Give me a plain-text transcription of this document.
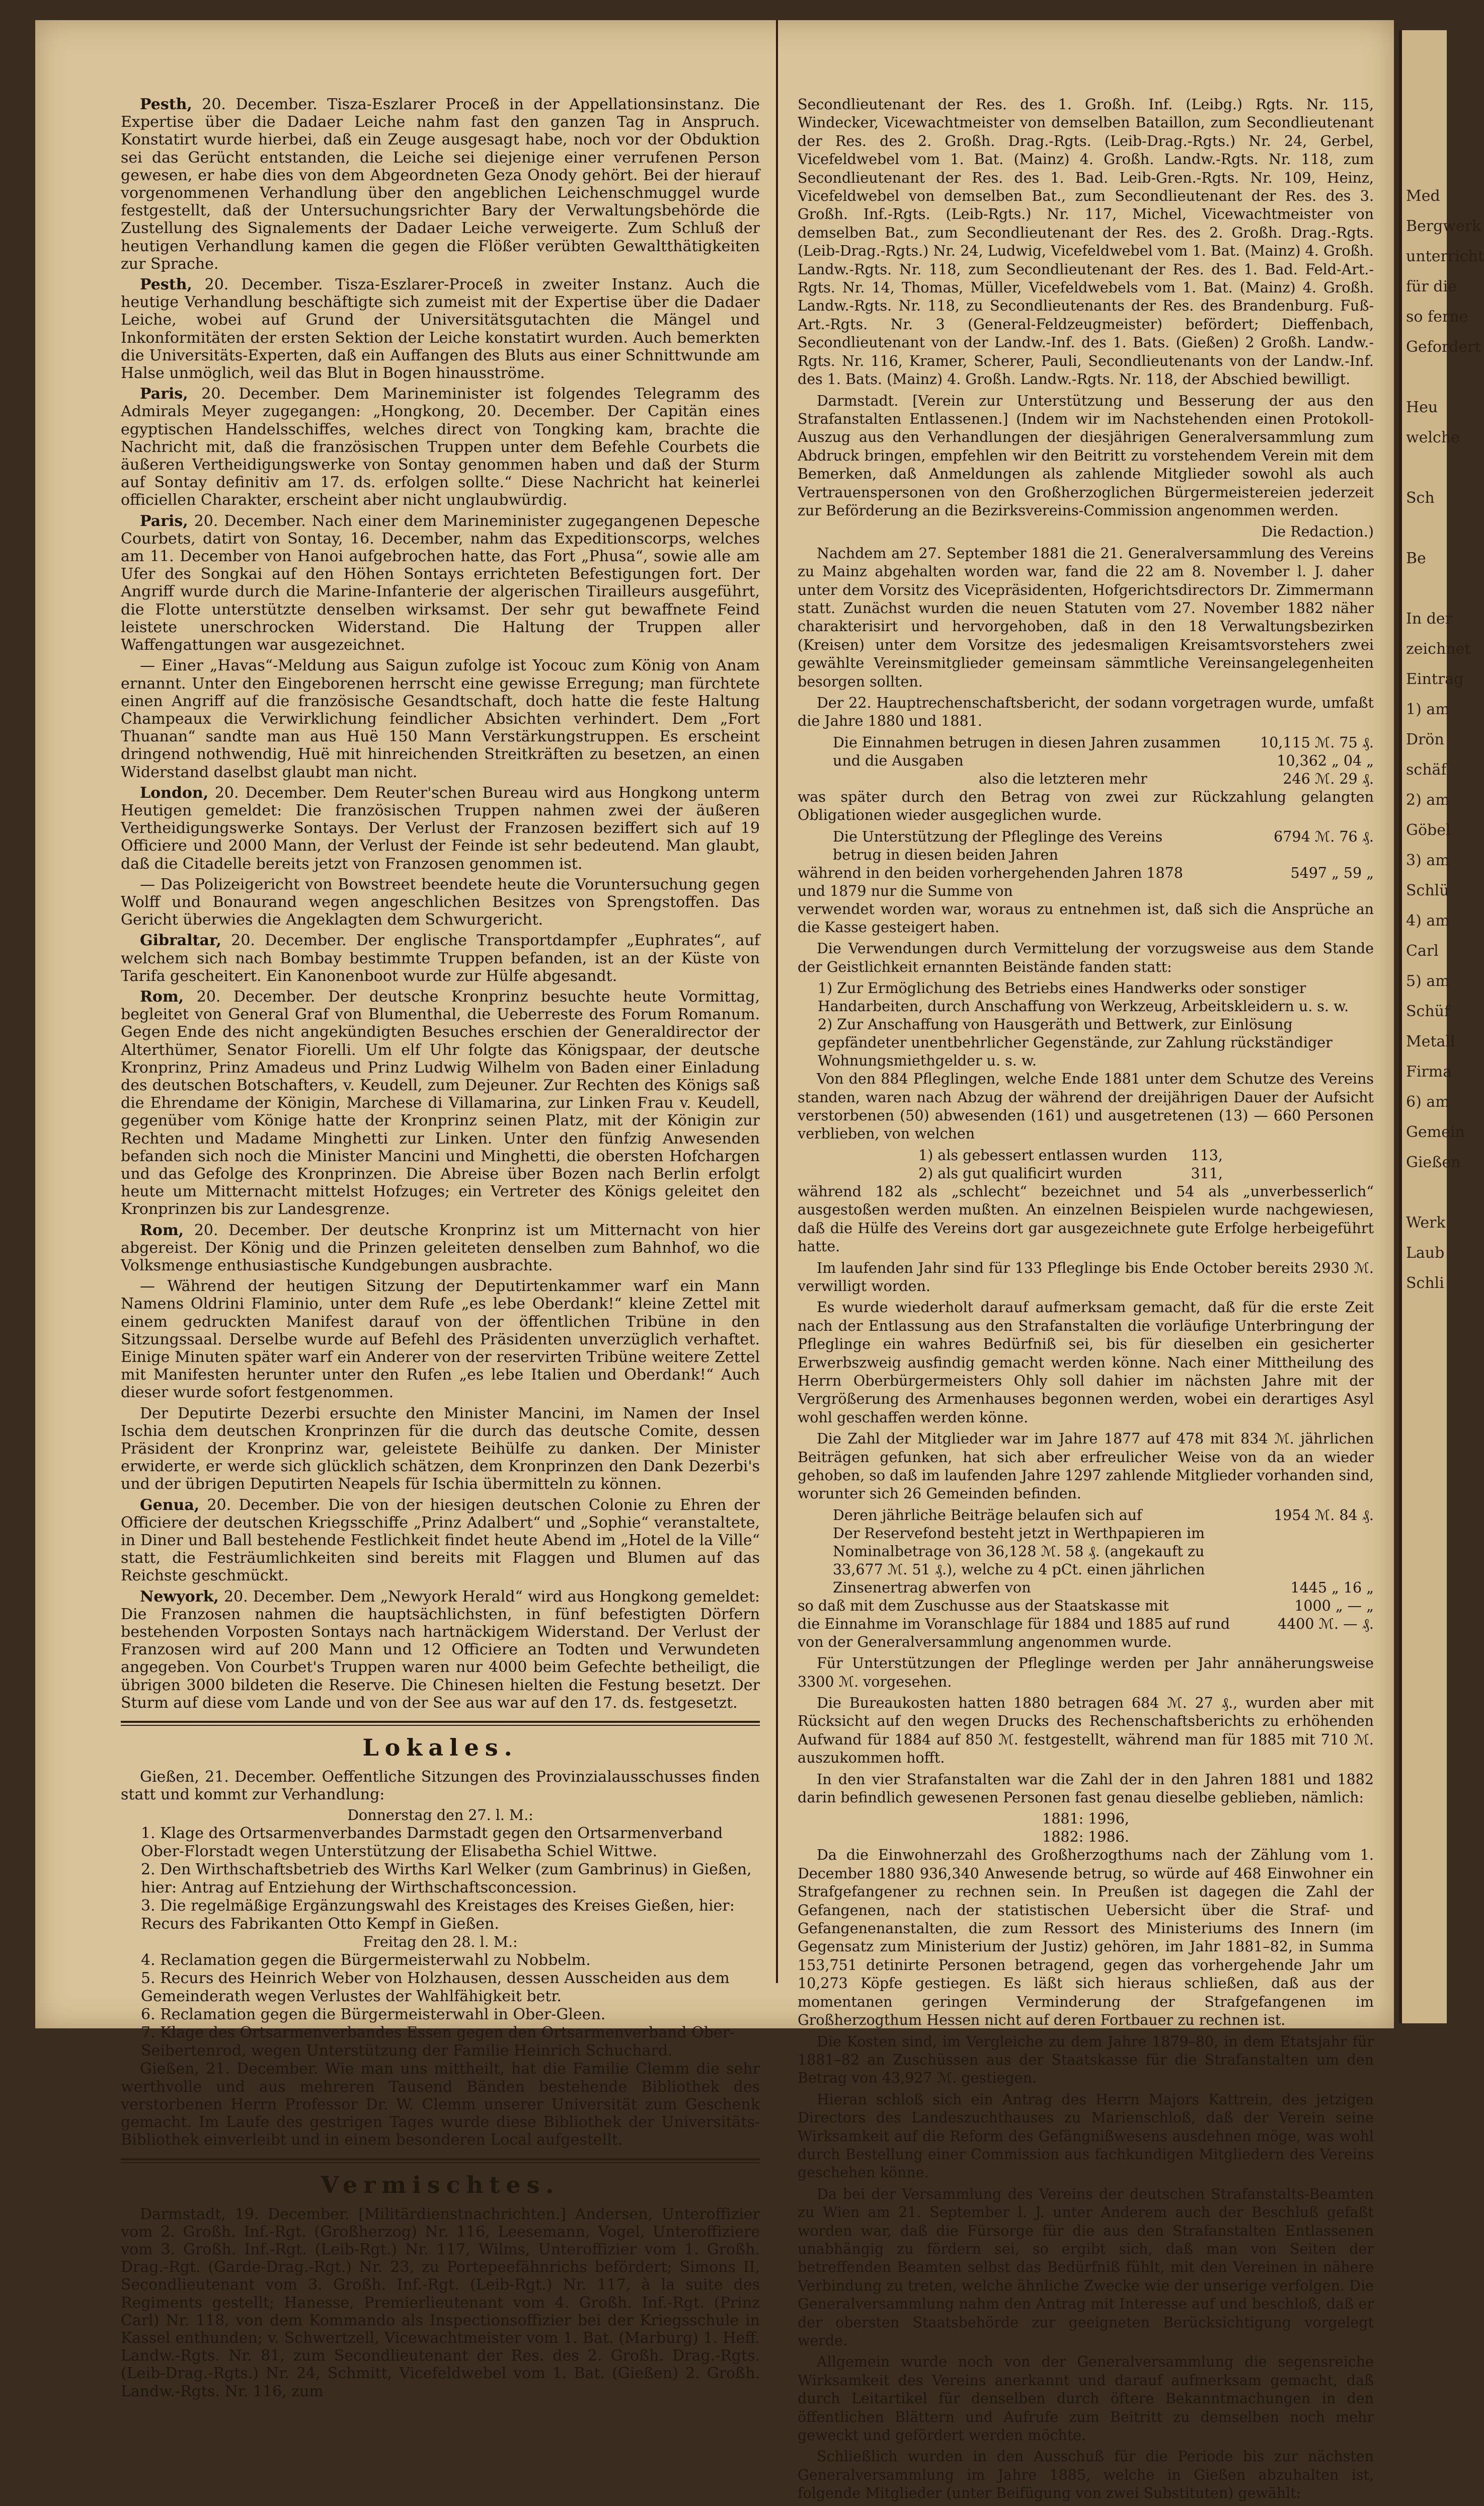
Pesth, 20. December. Tisza-Eszlarer Proceß in der Appellationsinstanz. Die Expertise über die Dadaer Leiche nahm fast den ganzen Tag in Anspruch. Konstatirt wurde hierbei, daß ein Zeuge ausgesagt habe, noch vor der Obduktion sei das Gerücht entstanden, die Leiche sei diejenige einer verrufenen Person gewesen, er habe dies von dem Abgeordneten Geza Onody gehört. Bei der hierauf vorgenommenen Verhandlung über den angeblichen Leichenschmuggel wurde festgestellt, daß der Untersuchungsrichter Bary der Verwaltungsbehörde die Zustellung des Signalements der Dadaer Leiche verweigerte. Zum Schluß der heutigen Verhandlung kamen die gegen die Flößer verübten Gewaltthätigkeiten zur Sprache.

Pesth, 20. December. Tisza-Eszlarer-Proceß in zweiter Instanz. Auch die heutige Verhandlung beschäftigte sich zumeist mit der Expertise über die Dadaer Leiche, wobei auf Grund der Universitätsgutachten die Mängel und Inkonformitäten der ersten Sektion der Leiche konstatirt wurden. Auch bemerkten die Universitäts-Experten, daß ein Auffangen des Bluts aus einer Schnittwunde am Halse unmöglich, weil das Blut in Bogen hinausströme.

Paris, 20. December. Dem Marineminister ist folgendes Telegramm des Admirals Meyer zugegangen: „Hongkong, 20. December. Der Capitän eines egyptischen Handelsschiffes, welches direct von Tongking kam, brachte die Nachricht mit, daß die französischen Truppen unter dem Befehle Courbets die äußeren Vertheidigungswerke von Sontay genommen haben und daß der Sturm auf Sontay definitiv am 17. ds. erfolgen sollte.“ Diese Nachricht hat keinerlei officiellen Charakter, erscheint aber nicht unglaubwürdig.

Paris, 20. December. Nach einer dem Marineminister zugegangenen Depesche Courbets, datirt von Sontay, 16. December, nahm das Expeditionscorps, welches am 11. December von Hanoi aufgebrochen hatte, das Fort „Phusa“, sowie alle am Ufer des Songkai auf den Höhen Sontays errichteten Befestigungen fort. Der Angriff wurde durch die Marine-Infanterie der algerischen Tirailleurs ausgeführt, die Flotte unterstützte denselben wirksamst. Der sehr gut bewaffnete Feind leistete unerschrocken Widerstand. Die Haltung der Truppen aller Waffengattungen war ausgezeichnet.

— Einer „Havas“-Meldung aus Saigun zufolge ist Yocouc zum König von Anam ernannt. Unter den Eingeborenen herrscht eine gewisse Erregung; man fürchtete einen Angriff auf die französische Gesandtschaft, doch hatte die feste Haltung Champeaux die Verwirklichung feindlicher Absichten verhindert. Dem „Fort Thuanan“ sandte man aus Huë 150 Mann Verstärkungstruppen. Es erscheint dringend nothwendig, Huë mit hinreichenden Streitkräften zu besetzen, an einen Widerstand daselbst glaubt man nicht.

London, 20. December. Dem Reuter'schen Bureau wird aus Hongkong unterm Heutigen gemeldet: Die französischen Truppen nahmen zwei der äußeren Vertheidigungswerke Sontays. Der Verlust der Franzosen beziffert sich auf 19 Officiere und 2000 Mann, der Verlust der Feinde ist sehr bedeutend. Man glaubt, daß die Citadelle bereits jetzt von Franzosen genommen ist.

— Das Polizeigericht von Bowstreet beendete heute die Voruntersuchung gegen Wolff und Bonaurand wegen angeschlichen Besitzes von Sprengstoffen. Das Gericht überwies die Angeklagten dem Schwurgericht.

Gibraltar, 20. December. Der englische Transportdampfer „Euphrates“, auf welchem sich nach Bombay bestimmte Truppen befanden, ist an der Küste von Tarifa gescheitert. Ein Kanonenboot wurde zur Hülfe abgesandt.

Rom, 20. December. Der deutsche Kronprinz besuchte heute Vormittag, begleitet von General Graf von Blumenthal, die Ueberreste des Forum Romanum. Gegen Ende des nicht angekündigten Besuches erschien der Generaldirector der Alterthümer, Senator Fiorelli. Um elf Uhr folgte das Königspaar, der deutsche Kronprinz, Prinz Amadeus und Prinz Ludwig Wilhelm von Baden einer Einladung des deutschen Botschafters, v. Keudell, zum Dejeuner. Zur Rechten des Königs saß die Ehrendame der Königin, Marchese di Villamarina, zur Linken Frau v. Keudell, gegenüber vom Könige hatte der Kronprinz seinen Platz, mit der Königin zur Rechten und Madame Minghetti zur Linken. Unter den fünfzig Anwesenden befanden sich noch die Minister Mancini und Minghetti, die obersten Hofchargen und das Gefolge des Kronprinzen. Die Abreise über Bozen nach Berlin erfolgt heute um Mitternacht mittelst Hofzuges; ein Vertreter des Königs geleitet den Kronprinzen bis zur Landesgrenze.

Rom, 20. December. Der deutsche Kronprinz ist um Mitternacht von hier abgereist. Der König und die Prinzen geleiteten denselben zum Bahnhof, wo die Volksmenge enthusiastische Kundgebungen ausbrachte.

— Während der heutigen Sitzung der Deputirtenkammer warf ein Mann Namens Oldrini Flaminio, unter dem Rufe „es lebe Oberdank!“ kleine Zettel mit einem gedruckten Manifest darauf von der öffentlichen Tribüne in den Sitzungssaal. Derselbe wurde auf Befehl des Präsidenten unverzüglich verhaftet. Einige Minuten später warf ein Anderer von der reservirten Tribüne weitere Zettel mit Manifesten herunter unter den Rufen „es lebe Italien und Oberdank!“ Auch dieser wurde sofort festgenommen.

Der Deputirte Dezerbi ersuchte den Minister Mancini, im Namen der Insel Ischia dem deutschen Kronprinzen für die durch das deutsche Comite, dessen Präsident der Kronprinz war, geleistete Beihülfe zu danken. Der Minister erwiderte, er werde sich glücklich schätzen, dem Kronprinzen den Dank Dezerbi's und der übrigen Deputirten Neapels für Ischia übermitteln zu können.

Genua, 20. December. Die von der hiesigen deutschen Colonie zu Ehren der Officiere der deutschen Kriegsschiffe „Prinz Adalbert“ und „Sophie“ veranstaltete, in Diner und Ball bestehende Festlichkeit findet heute Abend im „Hotel de la Ville“ statt, die Festräumlichkeiten sind bereits mit Flaggen und Blumen auf das Reichste geschmückt.

Newyork, 20. December. Dem „Newyork Herald“ wird aus Hongkong gemeldet: Die Franzosen nahmen die hauptsächlichsten, in fünf befestigten Dörfern bestehenden Vorposten Sontays nach hartnäckigem Widerstand. Der Verlust der Franzosen wird auf 200 Mann und 12 Officiere an Todten und Verwundeten angegeben. Von Courbet's Truppen waren nur 4000 beim Gefechte betheiligt, die übrigen 3000 bildeten die Reserve. Die Chinesen hielten die Festung besetzt. Der Sturm auf diese vom Lande und von der See aus war auf den 17. ds. festgesetzt.

Lokales.

Gießen, 21. December. Oeffentliche Sitzungen des Provinzialausschusses finden statt und kommt zur Verhandlung:

Donnerstag den 27. l. M.:
1. Klage des Ortsarmenverbandes Darmstadt gegen den Ortsarmenverband Ober-Florstadt wegen Unterstützung der Elisabetha Schiel Wittwe.
2. Den Wirthschaftsbetrieb des Wirths Karl Welker (zum Gambrinus) in Gießen, hier: Antrag auf Entziehung der Wirthschaftsconcession.
3. Die regelmäßige Ergänzungswahl des Kreistages des Kreises Gießen, hier: Recurs des Fabrikanten Otto Kempf in Gießen.
Freitag den 28. l. M.:
4. Reclamation gegen die Bürgermeisterwahl zu Nobbelm.
5. Recurs des Heinrich Weber von Holzhausen, dessen Ausscheiden aus dem Gemeinderath wegen Verlustes der Wahlfähigkeit betr.
6. Reclamation gegen die Bürgermeisterwahl in Ober-Gleen.
7. Klage des Ortsarmenverbandes Essen gegen den Ortsarmenverband Ober-Seibertenrod, wegen Unterstützung der Familie Heinrich Schuchard.

Gießen, 21. December. Wie man uns mittheilt, hat die Familie Clemm die sehr werthvolle und aus mehreren Tausend Bänden bestehende Bibliothek des verstorbenen Herrn Professor Dr. W. Clemm unserer Universität zum Geschenk gemacht. Im Laufe des gestrigen Tages wurde diese Bibliothek der Universitäts-Bibliothek einverleibt und in einem besonderen Local aufgestellt.

Vermischtes.

Darmstadt, 19. December. [Militärdienstnachrichten.] Andersen, Unteroffizier vom 2. Großh. Inf.-Rgt. (Großherzog) Nr. 116, Leesemann, Vogel, Unteroffiziere vom 3. Großh. Inf.-Rgt. (Leib-Rgt.) Nr. 117, Wilms, Unteroffizier vom 1. Großh. Drag.-Rgt. (Garde-Drag.-Rgt.) Nr. 23, zu Portepeefähnrichs befördert; Simons II, Secondlieutenant vom 3. Großh. Inf.-Rgt. (Leib-Rgt.) Nr. 117, à la suite des Regiments gestellt; Hanesse, Premierlieutenant vom 4. Großh. Inf.-Rgt. (Prinz Carl) Nr. 118, von dem Kommando als Inspectionsoffizier bei der Kriegsschule in Kassel enthunden; v. Schwertzell, Vicewachtmeister vom 1. Bat. (Marburg) 1. Heff. Landw.-Rgts. Nr. 81, zum Secondlieutenant der Res. des 2. Großh. Drag.-Rgts. (Leib-Drag.-Rgts.) Nr. 24, Schmitt, Vicefeldwebel vom 1. Bat. (Gießen) 2. Großh. Landw.-Rgts. Nr. 116, zum

Secondlieutenant der Res. des 1. Großh. Inf. (Leibg.) Rgts. Nr. 115, Windecker, Vicewachtmeister von demselben Bataillon, zum Secondlieutenant der Res. des 2. Großh. Drag.-Rgts. (Leib-Drag.-Rgts.) Nr. 24, Gerbel, Vicefeldwebel vom 1. Bat. (Mainz) 4. Großh. Landw.-Rgts. Nr. 118, zum Secondlieutenant der Res. des 1. Bad. Leib-Gren.-Rgts. Nr. 109, Heinz, Vicefeldwebel von demselben Bat., zum Secondlieutenant der Res. des 3. Großh. Inf.-Rgts. (Leib-Rgts.) Nr. 117, Michel, Vicewachtmeister von demselben Bat., zum Secondlieutenant der Res. des 2. Großh. Drag.-Rgts. (Leib-Drag.-Rgts.) Nr. 24, Ludwig, Vicefeldwebel vom 1. Bat. (Mainz) 4. Großh. Landw.-Rgts. Nr. 118, zum Secondlieutenant der Res. des 1. Bad. Feld-Art.-Rgts. Nr. 14, Thomas, Müller, Vicefeldwebels vom 1. Bat. (Mainz) 4. Großh. Landw.-Rgts. Nr. 118, zu Secondlieutenants der Res. des Brandenburg. Fuß-Art.-Rgts. Nr. 3 (General-Feldzeugmeister) befördert; Dieffenbach, Secondlieutenant von der Landw.-Inf. des 1. Bats. (Gießen) 2 Großh. Landw.-Rgts. Nr. 116, Kramer, Scherer, Pauli, Secondlieutenants von der Landw.-Inf. des 1. Bats. (Mainz) 4. Großh. Landw.-Rgts. Nr. 118, der Abschied bewilligt.

Darmstadt. [Verein zur Unterstützung und Besserung der aus den Strafanstalten Entlassenen.] (Indem wir im Nachstehenden einen Protokoll-Auszug aus den Verhandlungen der diesjährigen Generalversammlung zum Abdruck bringen, empfehlen wir den Beitritt zu vorstehendem Verein mit dem Bemerken, daß Anmeldungen als zahlende Mitglieder sowohl als auch Vertrauenspersonen von den Großherzoglichen Bürgermeistereien jederzeit zur Beförderung an die Bezirksvereins-Commission angenommen werden.

Die Redaction.)

Nachdem am 27. September 1881 die 21. Generalversammlung des Vereins zu Mainz abgehalten worden war, fand die 22 am 8. November l. J. daher unter dem Vorsitz des Vicepräsidenten, Hofgerichtsdirectors Dr. Zimmermann statt. Zunächst wurden die neuen Statuten vom 27. November 1882 näher charakterisirt und hervorgehoben, daß in den 18 Verwaltungsbezirken (Kreisen) unter dem Vorsitze des jedesmaligen Kreisamtsvorstehers zwei gewählte Vereinsmitglieder gemeinsam sämmtliche Vereinsangelegenheiten besorgen sollten.

Der 22. Hauptrechenschaftsbericht, der sodann vorgetragen wurde, umfaßt die Jahre 1880 und 1881.

Die Einnahmen betrugen in diesen Jahren zusammen	10,115 ℳ. 75 ₰.
und die Ausgaben	10,362 „ 04 „
also die letzteren mehr	246 ℳ. 29 ₰.

was später durch den Betrag von zwei zur Rückzahlung gelangten Obligationen wieder ausgeglichen wurde.

Die Unterstützung der Pfleglinge des Vereins betrug in diesen beiden Jahren
6794 ℳ. 76 ₰.
während in den beiden vorhergehenden Jahren 1878 und 1879 nur die Summe von
5497 „ 59 „

verwendet worden war, woraus zu entnehmen ist, daß sich die Ansprüche an die Kasse gesteigert haben.

Die Verwendungen durch Vermittelung der vorzugsweise aus dem Stande der Geistlichkeit ernannten Beistände fanden statt:

1) Zur Ermöglichung des Betriebs eines Handwerks oder sonstiger Handarbeiten, durch Anschaffung von Werkzeug, Arbeitskleidern u. s. w.
2) Zur Anschaffung von Hausgeräth und Bettwerk, zur Einlösung gepfändeter unentbehrlicher Gegenstände, zur Zahlung rückständiger Wohnungsmiethgelder u. s. w.

Von den 884 Pfleglingen, welche Ende 1881 unter dem Schutze des Vereins standen, waren nach Abzug der während der dreijährigen Dauer der Aufsicht verstorbenen (50) abwesenden (161) und ausgetretenen (13) — 660 Personen verblieben, von welchen

1) als gebessert entlassen wurden 113,
2) als gut qualificirt wurden	311,

während 182 als „schlecht“ bezeichnet und 54 als „unverbesserlich“ ausgestoßen werden mußten. An einzelnen Beispielen wurde nachgewiesen, daß die Hülfe des Vereins dort gar ausgezeichnete gute Erfolge herbeigeführt hatte.

Im laufenden Jahr sind für 133 Pfleglinge bis Ende October bereits 2930 ℳ. verwilligt worden.

Es wurde wiederholt darauf aufmerksam gemacht, daß für die erste Zeit nach der Entlassung aus den Strafanstalten die vorläufige Unterbringung der Pfleglinge ein wahres Bedürfniß sei, bis für dieselben ein gesicherter Erwerbszweig ausfindig gemacht werden könne. Nach einer Mittheilung des Herrn Oberbürgermeisters Ohly soll dahier im nächsten Jahre mit der Vergrößerung des Armenhauses begonnen werden, wobei ein derartiges Asyl wohl geschaffen werden könne.

Die Zahl der Mitglieder war im Jahre 1877 auf 478 mit 834 ℳ. jährlichen Beiträgen gefunken, hat sich aber erfreulicher Weise von da an wieder gehoben, so daß im laufenden Jahre 1297 zahlende Mitglieder vorhanden sind, worunter sich 26 Gemeinden befinden.

Deren jährliche Beiträge belaufen sich auf	1954 ℳ. 84 ₰.
Der Reservefond besteht jetzt in Werthpapieren im Nominalbetrage von 36,128 ℳ. 58 ₰. (angekauft zu 33,677 ℳ. 51 ₰.), welche zu 4 pCt. einen jährlichen Zinsenertrag abwerfen von	1445 „ 16 „
so daß mit dem Zuschusse aus der Staatskasse mit	1000 „ — „
die Einnahme im Voranschlage für 1884 und 1885 auf rund	4400 ℳ. — ₰.

von der Generalversammlung angenommen wurde.

Für Unterstützungen der Pfleglinge werden per Jahr annäherungsweise 3300 ℳ. vorgesehen.

Die Bureaukosten hatten 1880 betragen 684 ℳ. 27 ₰., wurden aber mit Rücksicht auf den wegen Drucks des Rechenschaftsberichts zu erhöhenden Aufwand für 1884 auf 850 ℳ. festgestellt, während man für 1885 mit 710 ℳ. auszukommen hofft.

In den vier Strafanstalten war die Zahl der in den Jahren 1881 und 1882 darin befindlich gewesenen Personen fast genau dieselbe geblieben, nämlich:

1881: 1996,
1882: 1986.

Da die Einwohnerzahl des Großherzogthums nach der Zählung vom 1. December 1880 936,340 Anwesende betrug, so würde auf 468 Einwohner ein Strafgefangener zu rechnen sein. In Preußen ist dagegen die Zahl der Gefangenen, nach der statistischen Uebersicht über die Straf- und Gefangenenanstalten, die zum Ressort des Ministeriums des Innern (im Gegensatz zum Ministerium der Justiz) gehören, im Jahr 1881–82, in Summa 153,751 detinirte Personen betragend, gegen das vorhergehende Jahr um 10,273 Köpfe gestiegen. Es läßt sich hieraus schließen, daß aus der momentanen geringen Verminderung der Strafgefangenen im Großherzogthum Hessen nicht auf deren Fortbauer zu rechnen ist.

Die Kosten sind, im Vergleiche zu dem Jahre 1879–80, in dem Etatsjahr für 1881–82 an Zuschüssen aus der Staatskasse für die Strafanstalten um den Betrag von 43,927 ℳ. gestiegen.

Hieran schloß sich ein Antrag des Herrn Majors Kattrein, des jetzigen Directors des Landeszuchthauses zu Marienschloß, daß der Verein seine Wirksamkeit auf die Reform des Gefängnißwesens ausdehnen möge, was wohl durch Bestellung einer Commission aus fachkundigen Mitgliedern des Vereins geschehen könne.

Da bei der Versammlung des Vereins der deutschen Strafanstalts-Beamten zu Wien am 21. September l. J. unter Anderem auch der Beschluß gefaßt worden war, daß die Fürsorge für die aus den Strafanstalten Entlassenen unabhängig zu fördern sei, so ergibt sich, daß man von Seiten der betreffenden Beamten selbst das Bedürfniß fühlt, mit den Vereinen in nähere Verbindung zu treten, welche ähnliche Zwecke wie der unserige verfolgen. Die Generalversammlung nahm den Antrag mit Interesse auf und beschloß, daß er der obersten Staatsbehörde zur geeigneten Berücksichtigung vorgelegt werde.

Allgemein wurde noch von der Generalversammlung die segensreiche Wirksamkeit des Vereins anerkannt und darauf aufmerksam gemacht, daß durch Leitartikel für denselben durch öftere Bekanntmachungen in den öffentlichen Blättern und Aufrufe zum Beitritt zu demselben noch mehr geweckt und gefördert werden möchte.

Schließlich wurden in den Ausschuß für die Periode bis zur nächsten Generalversammlung im Jahre 1885, welche in Gießen abzuhalten ist, folgende Mitglieder (unter Beifügung von zwei Substituten) gewählt:

Med
Bergwerk
unterricht
für die
so ferne
Gefordert

Heu
welche

Sch

Be

In der
zeichnet
Eintrag
1) am
Drön
schäf
2) am
Göbel
3) am
Schlü
4) am
Carl
5) am
Schüf
Metall
Firma
6) am
Gemein
Gießen

Werk
Laub
Schli
